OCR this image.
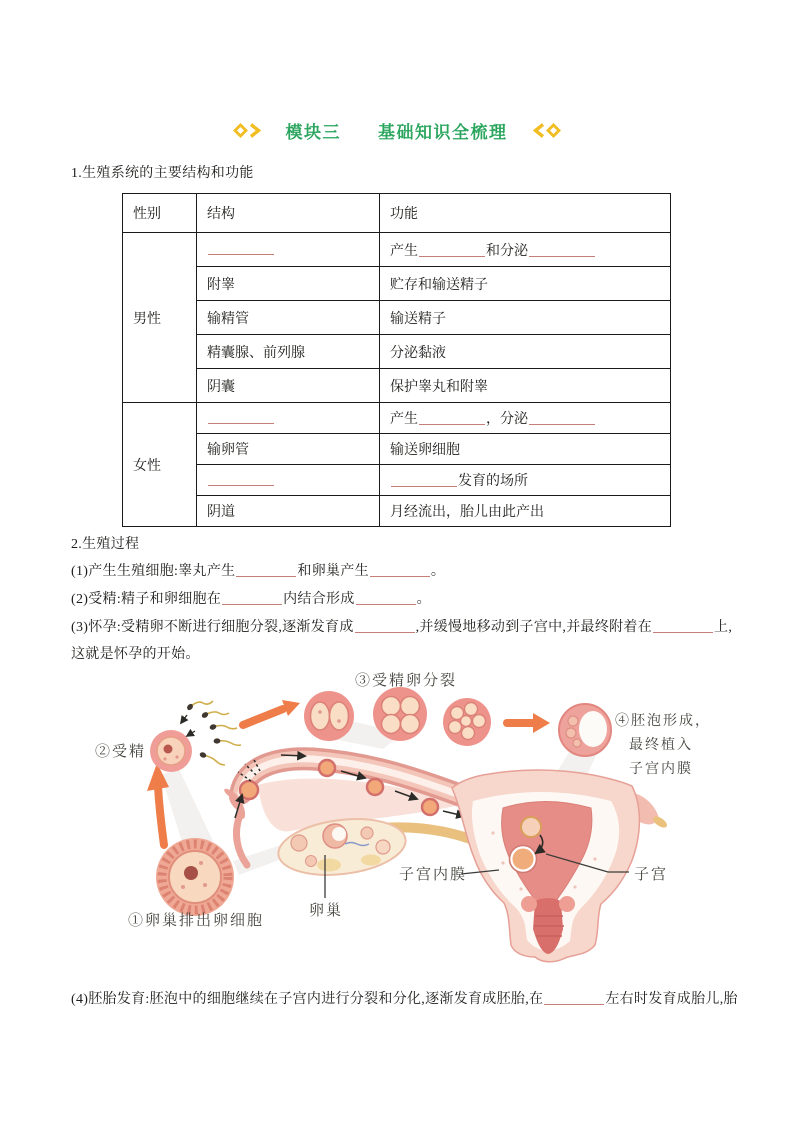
模块三　　基础知识全梳理
1.生殖系统的主要结构和功能
性别	结构	功能
男性		产生 和分泌
	附睾	贮存和输送精子
	输精管	输送精子
	精囊腺、前列腺	分泌黏液
	阴囊	保护睾丸和附睾
女性		产生 ，分泌
	输卵管	输送卵细胞
		发育的场所
	阴道	月经流出，胎儿由此产出
2.生殖过程
(1)产生生殖细胞:睾丸产生	和卵巢产生	。
(2)受精:精子和卵细胞在	内结合形成	。
(3)怀孕:受精卵不断进行细胞分裂,逐渐发育成	,并缓慢地移动到子宫中,并最终附着在	上,
这就是怀孕的开始。
②受精
③受精卵分裂
④胚泡形成，
最终植入
子宫内膜
①卵巢排出卵细胞
卵巢
子宫内膜	子宫
(4)胚胎发育:胚泡中的细胞继续在子宫内进行分裂和分化,逐渐发育成胚胎,在	左右时发育成胎儿,胎
